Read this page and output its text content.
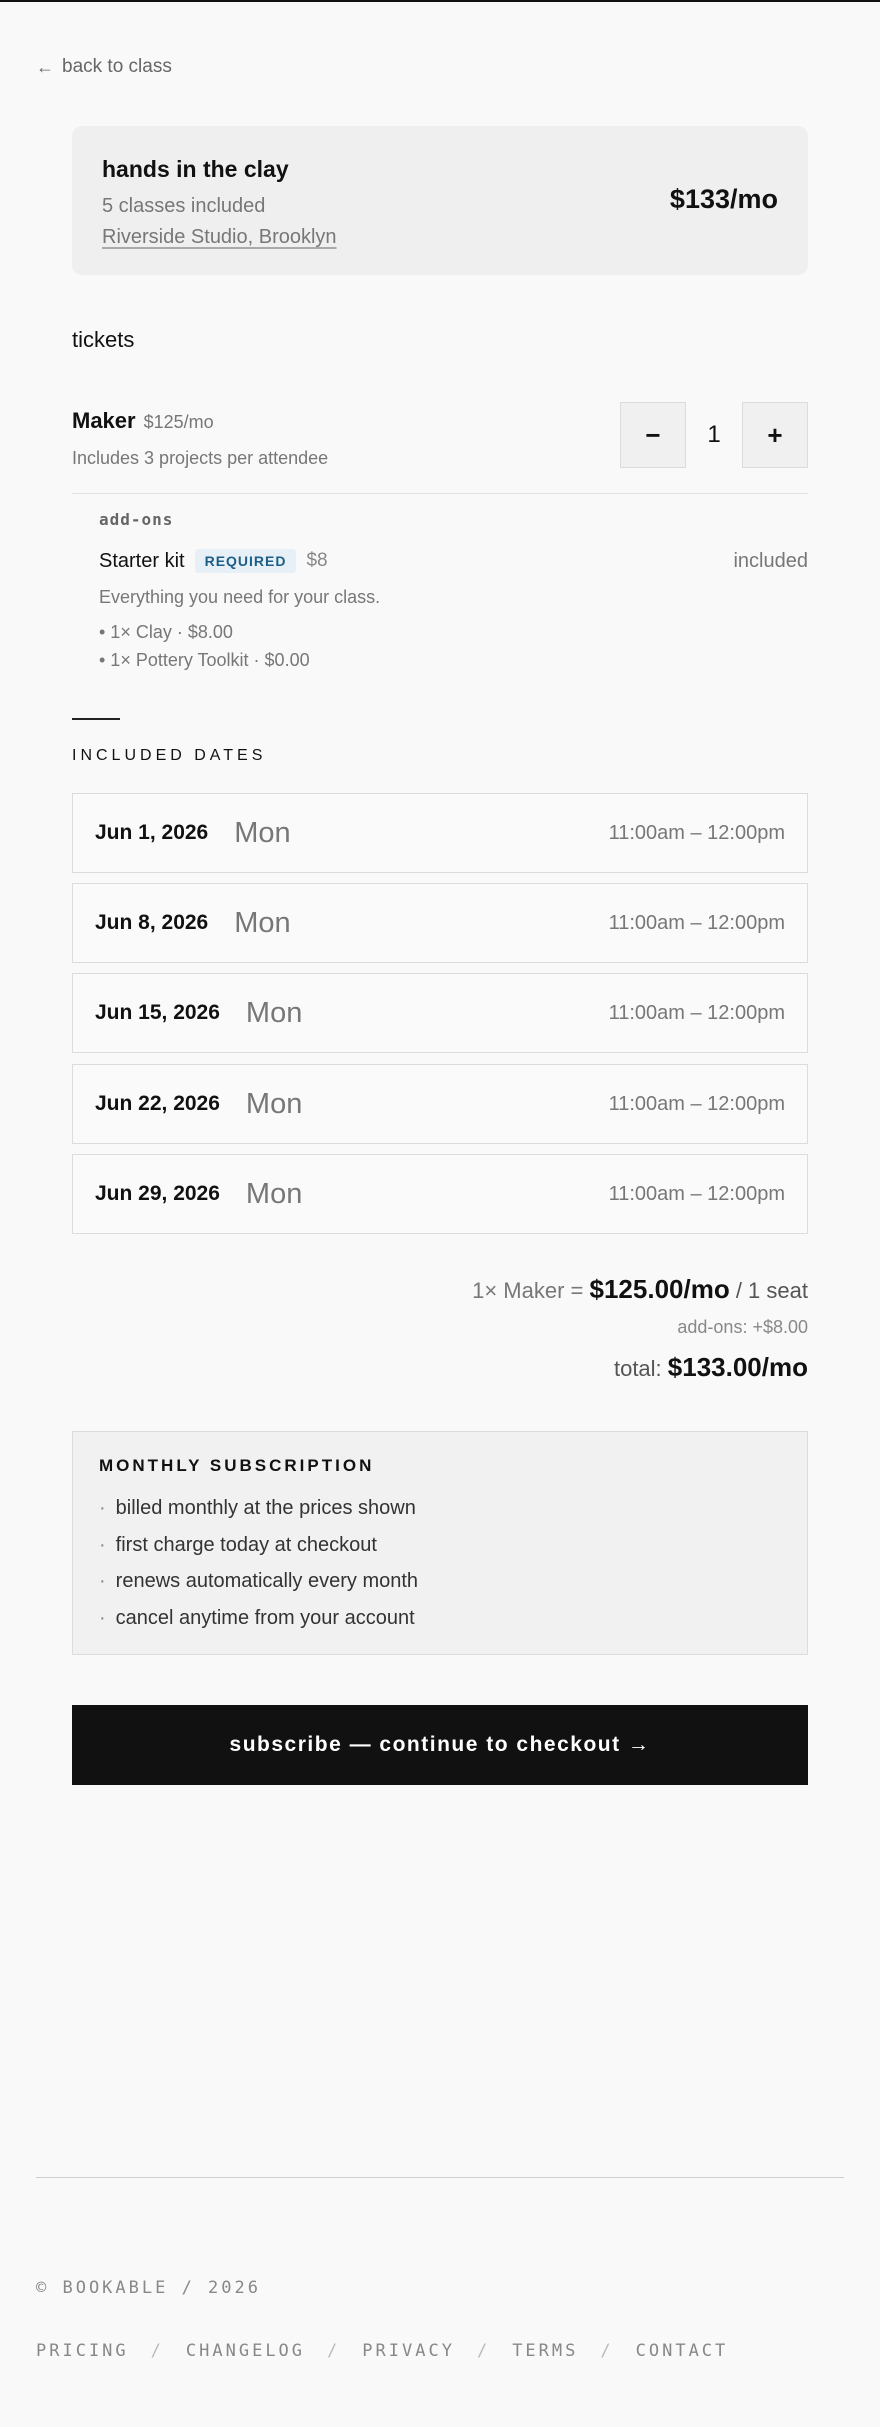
← back to class
hands in the clay
5 classes included
Riverside Studio, Brooklyn
$133/mo
tickets
Maker $125/mo
Includes 3 projects per attendee
−	1	+
add-ons
Starter kit	REQUIRED	$8	included
Everything you need for your class.
• 1× Clay · $8.00
• 1× Pottery Toolkit · $0.00
INCLUDED DATES
Jun 1, 2026 Mon	11:00am – 12:00pm
Jun 8, 2026 Mon	11:00am – 12:00pm
Jun 15, 2026 Mon	11:00am – 12:00pm
Jun 22, 2026 Mon	11:00am – 12:00pm
Jun 29, 2026 Mon	11:00am – 12:00pm
1× Maker = $125.00/mo / 1 seat
add-ons: +$8.00
total: $133.00/mo
MONTHLY SUBSCRIPTION
· billed monthly at the prices shown
· first charge today at checkout
· renews automatically every month
· cancel anytime from your account
subscribe — continue to checkout →
© BOOKABLE / 2026
PRICING / CHANGELOG / PRIVACY / TERMS / CONTACT
